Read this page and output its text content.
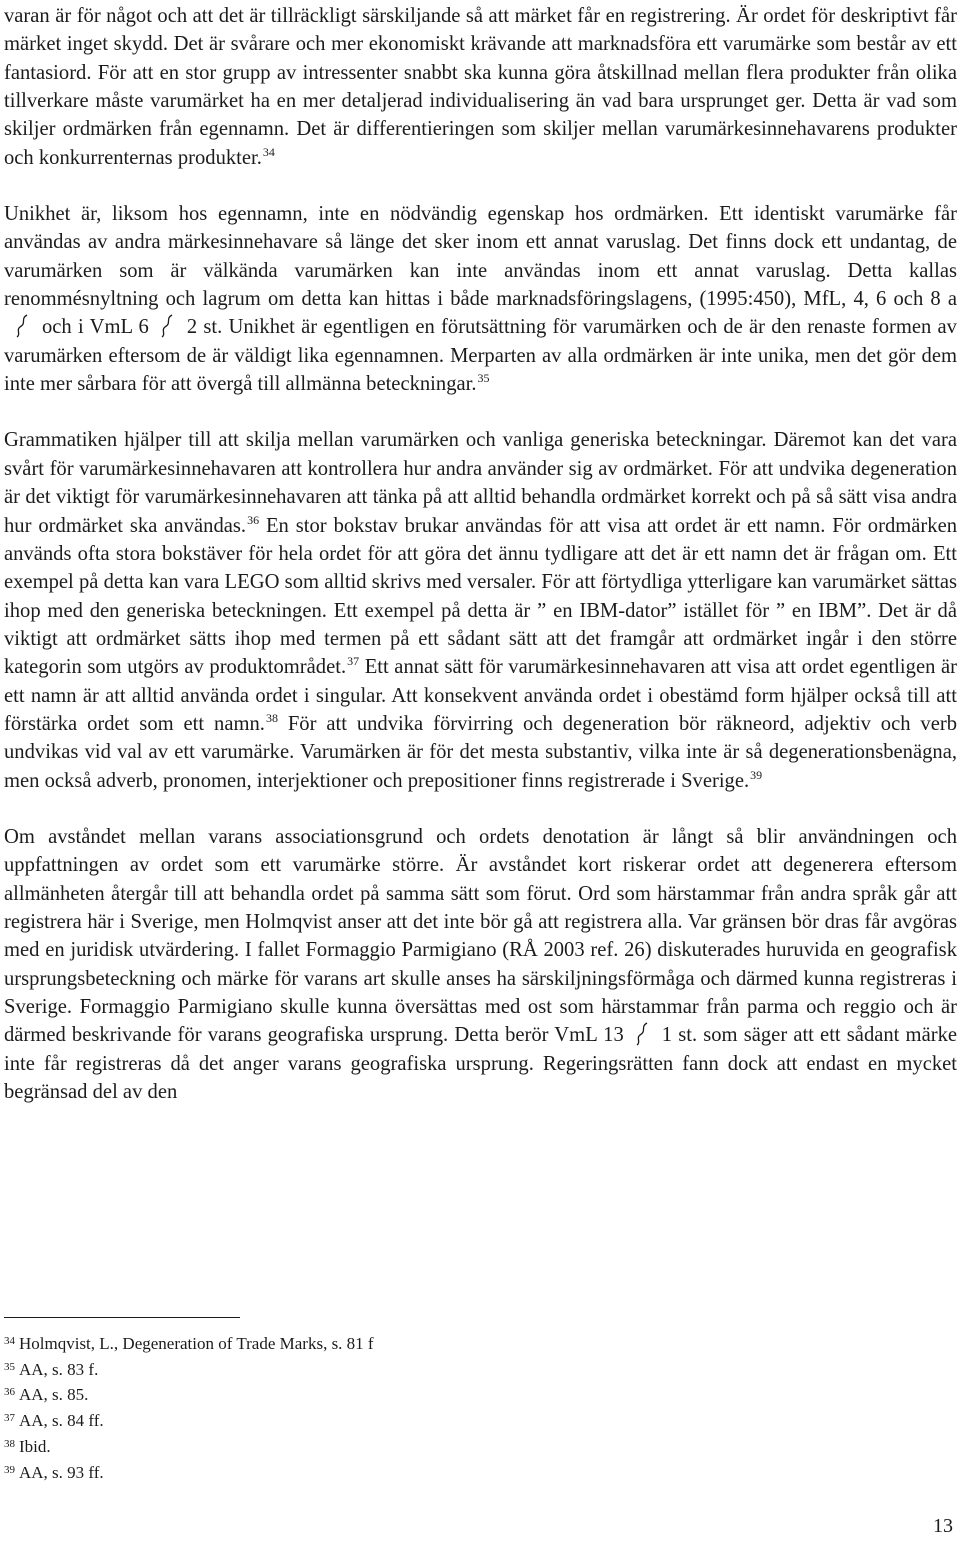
varan är för något och att det är tillräckligt särskiljande så att märket får en registrering. Är ordet för deskriptivt får märket inget skydd. Det är svårare och mer ekonomiskt krävande att marknadsföra ett varumärke som består av ett fantasiord. För att en stor grupp av intressenter snabbt ska kunna göra åtskillnad mellan flera produkter från olika tillverkare måste varumärket ha en mer detaljerad individualisering än vad bara ursprunget ger. Detta är vad som skiljer ordmärken från egennamn. Det är differentieringen som skiljer mellan varumärkesinnehavarens produkter och konkurrenternas produkter.$^{34}$

Unikhet är, liksom hos egennamn, inte en nödvändig egenskap hos ordmärken. Ett identiskt varumärke får användas av andra märkesinnehavare så länge det sker inom ett annat varuslag. Det finns dock ett undantag, de varumärken som är välkända varumärken kan inte användas inom ett annat varuslag. Detta kallas renommésnyltning och lagrum om detta kan hittas i både marknadsföringslagens, (1995:450), MfL, 4, 6 och 8 aoch i VmL 6 2 st. Unikhet är egentligen en förutsättning för varumärken och de är den renaste formen av varumärken eftersom de är väldigt lika egennamnen. Merparten av alla ordmärken är inte unika, men det gör dem inte mer sårbara för att övergå till allmänna beteckningar.$^{35}$

Grammatiken hjälper till att skilja mellan varumärken och vanliga generiska beteckningar. Däremot kan det vara svårt för varumärkesinnehavaren att kontrollera hur andra använder sig av ordmärket. För att undvika degeneration är det viktigt för varumärkesinnehavaren att tänka på att alltid behandla ordmärket korrekt och på så sätt visa andra hur ordmärket ska användas.$^{36}$ En stor bokstav brukar användas för att visa att ordet är ett namn. För ordmärken används ofta stora bokstäver för hela ordet för att göra det ännu tydligare att det är ett namn det är frågan om. Ett exempel på detta kan vara LEGO som alltid skrivs med versaler. För att förtydliga ytterligare kan varumärket sättas ihop med den generiska beteckningen. Ett exempel på detta är ” en IBM-dator” istället för ” en IBM”. Det är då viktigt att ordmärket sätts ihop med termen på ett sådant sätt att det framgår att ordmärket ingår i den större kategorin som utgörs av produktområdet.$^{37}$ Ett annat sätt för varumärkesinnehavaren att visa att ordet egentligen är ett namn är att alltid använda ordet i singular. Att konsekvent använda ordet i obestämd form hjälper också till att förstärka ordet som ett namn.$^{38}$ För att undvika förvirring och degeneration bör räkneord, adjektiv och verb undvikas vid val av ett varumärke. Varumärken är för det mesta substantiv, vilka inte är så degenerationsbenägna, men också adverb, pronomen, interjektioner och prepositioner finns registrerade i Sverige.$^{39}$

Om avståndet mellan varans associationsgrund och ordets denotation är långt så blir användningen och uppfattningen av ordet som ett varumärke större. Är avståndet kort riskerar ordet att degenerera eftersom allmänheten återgår till att behandla ordet på samma sätt som förut. Ord som härstammar från andra språk går att registrera här i Sverige, men Holmqvist anser att det inte bör gå att registrera alla. Var gränsen bör dras får avgöras med en juridisk utvärdering. I fallet Formaggio Parmigiano (RÅ 2003 ref. 26) diskuterades huruvida en geografisk ursprungsbeteckning och märke för varans art skulle anses ha särskiljningsförmåga och därmed kunna registreras i Sverige. Formaggio Parmigiano skulle kunna översättas med ost som härstammar från parma och reggio och är därmed beskrivande för varans geografiska ursprung. Detta berör VmL 13 1 st. som säger att ett sådant märke inte får registreras då det anger varans geografiska ursprung. Regeringsrätten fann dock att endast en mycket begränsad del av den

$^{34}$ Holmqvist, L., Degeneration of Trade Marks, s. 81 f
$^{35}$ AA, s. 83 f.
$^{36}$ AA, s. 85.
$^{37}$ AA, s. 84 ff.
$^{38}$ Ibid.
$^{39}$ AA, s. 93 ff.
13
